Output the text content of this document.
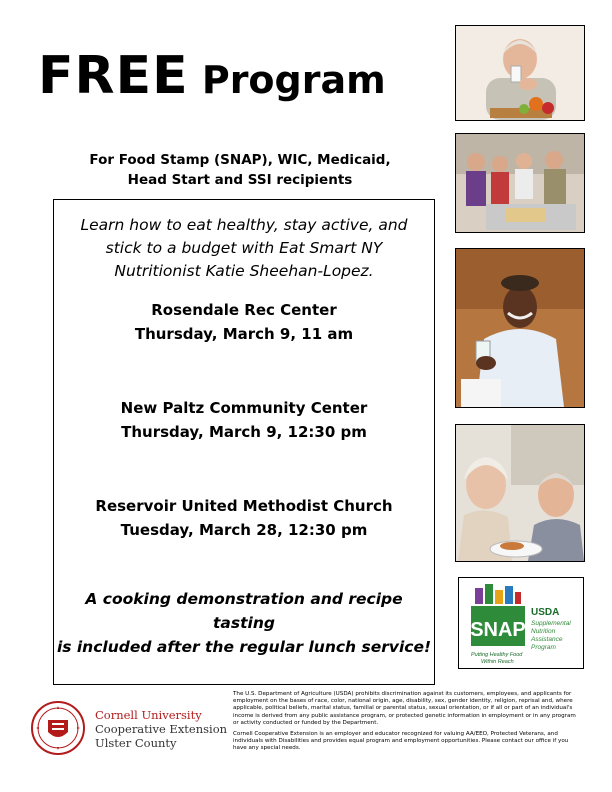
FREE Program
For Food Stamp (SNAP), WIC, Medicaid,
Head Start and SSI recipients
Learn how to eat healthy, stay active, and
stick to a budget with Eat Smart NY
Nutritionist Katie Sheehan-Lopez.
Rosendale Rec Center
Thursday, March 9, 11 am
New Paltz Community Center
Thursday, March 9, 12:30 pm
Reservoir United Methodist Church
Tuesday, March 28, 12:30 pm
A cooking demonstration and recipe tasting
is included after the regular lunch service!
SNAP
USDA
Supplemental
Nutrition
Assistance
Program
Putting Healthy Food
Within Reach
Cornell University
Cooperative Extension
Ulster County

The U.S. Department of Agriculture (USDA) prohibits discrimination against its customers, employees, and applicants for employment on the bases of race, color, national origin, age, disability, sex, gender identity, religion, reprisal and, where applicable, political beliefs, marital status, familial or parental status, sexual orientation, or if all or part of an individual's income is derived from any public assistance program, or protected genetic information in employment or in any program or activity conducted or funded by the Department.

Cornell Cooperative Extension is an employer and educator recognized for valuing AA/EEO, Protected Veterans, and individuals with Disabilities and provides equal program and employment opportunities. Please contact our office if you have any special needs.
